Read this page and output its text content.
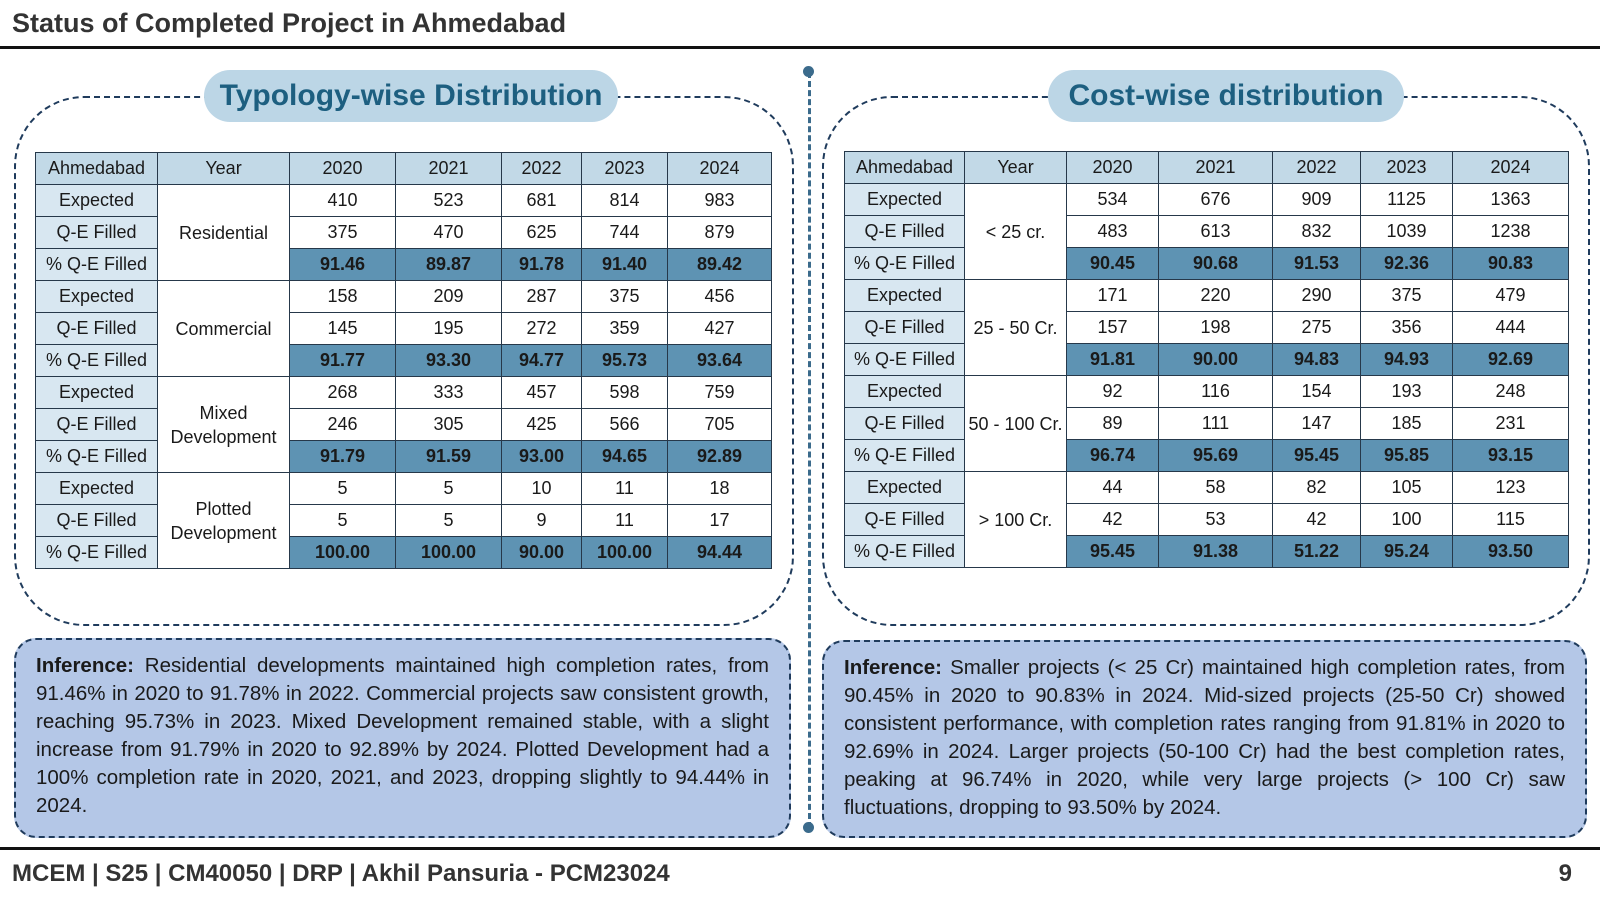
Status of Completed Project in Ahmedabad
Typology-wise Distribution
Ahmedabad	Year	2020	2021	2022	2023	2024
Expected	Residential	410	523	681	814	983
Q-E Filled		375	470	625	744	879
% Q-E Filled		91.46	89.87	91.78	91.40	89.42
Expected	Commercial	158	209	287	375	456
Q-E Filled		145	195	272	359	427
% Q-E Filled		91.77	93.30	94.77	95.73	93.64
Expected	Mixed Development	268	333	457	598	759
Q-E Filled		246	305	425	566	705
% Q-E Filled		91.79	91.59	93.00	94.65	92.89
Expected	Plotted Development	5	5	10	11	18
Q-E Filled		5	5	9	11	17
% Q-E Filled		100.00	100.00	90.00	100.00	94.44
Cost-wise distribution
Ahmedabad	Year	2020	2021	2022	2023	2024
Expected	< 25 cr.	534	676	909	1125	1363
Q-E Filled		483	613	832	1039	1238
% Q-E Filled		90.45	90.68	91.53	92.36	90.83
Expected	25 - 50 Cr.	171	220	290	375	479
Q-E Filled		157	198	275	356	444
% Q-E Filled		91.81	90.00	94.83	94.93	92.69
Expected	50 - 100 Cr.	92	116	154	193	248
Q-E Filled		89	111	147	185	231
% Q-E Filled		96.74	95.69	95.45	95.85	93.15
Expected	> 100 Cr.	44	58	82	105	123
Q-E Filled		42	53	42	100	115
% Q-E Filled		95.45	91.38	51.22	95.24	93.50
Inference: Residential developments maintained high completion rates, from 91.46% in 2020 to 91.78% in 2022. Commercial projects saw consistent growth, reaching 95.73% in 2023. Mixed Development remained stable, with a slight increase from 91.79% in 2020 to 92.89% by 2024. Plotted Development had a 100% completion rate in 2020, 2021, and 2023, dropping slightly to 94.44% in 2024.
Inference: Smaller projects (< 25 Cr) maintained high completion rates, from 90.45% in 2020 to 90.83% in 2024. Mid-sized projects (25-50 Cr) showed consistent performance, with completion rates ranging from 91.81% in 2020 to 92.69% in 2024. Larger projects (50-100 Cr) had the best completion rates, peaking at 96.74% in 2020, while very large projects (> 100 Cr) saw fluctuations, dropping to 93.50% by 2024.
MCEM | S25 | CM40050 | DRP | Akhil Pansuria - PCM23024	9
